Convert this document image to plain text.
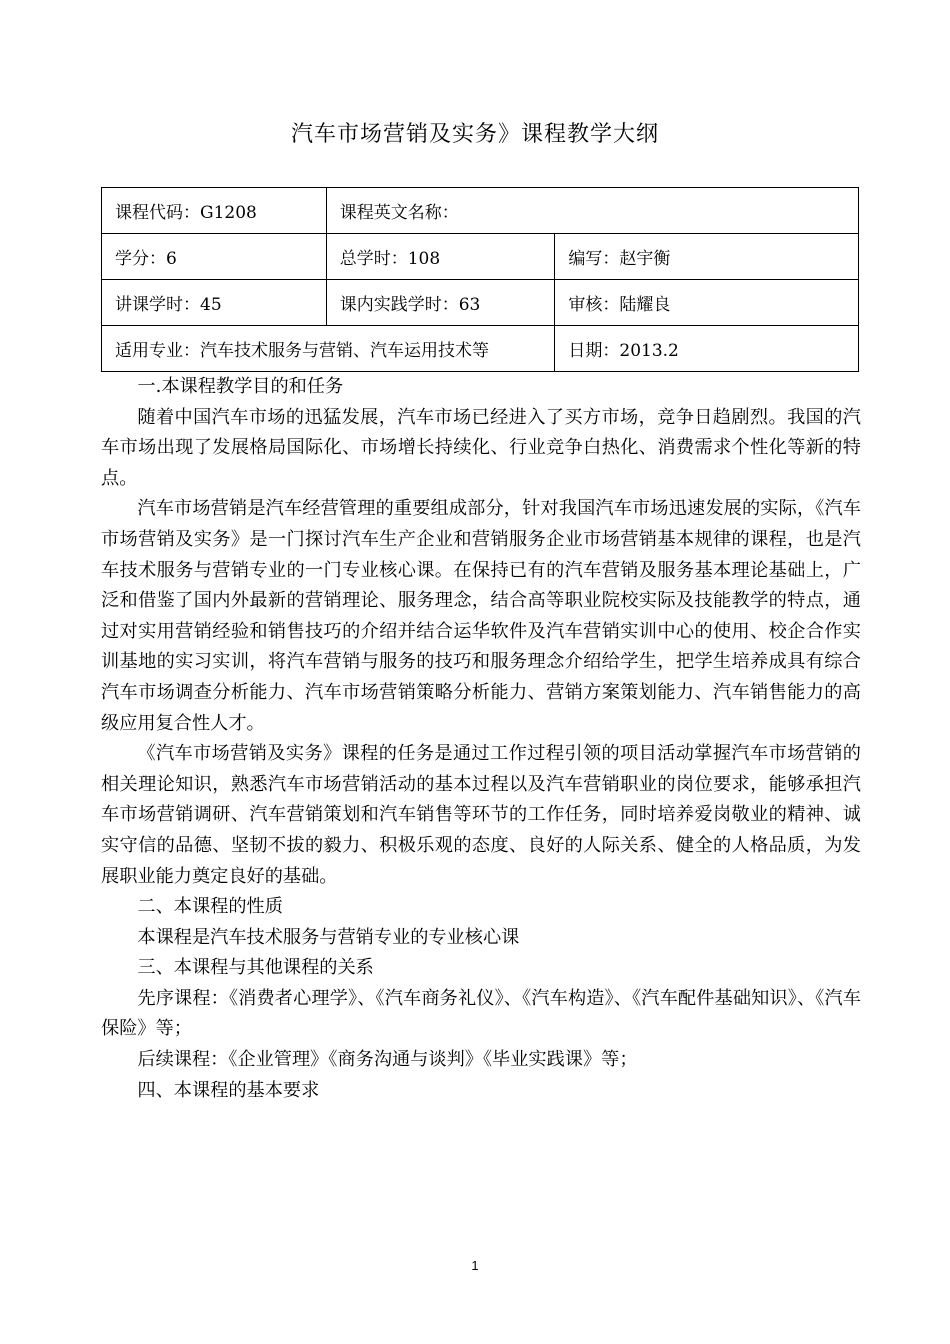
汽车市场营销及实务》课程教学大纲
课程代码：G1208	课程英文名称：	
学分：6	总学时：108	编写：赵宇衡
讲课学时：45	课内实践学时：63	审核：陆耀良
适用专业：汽车技术服务与营销、汽车运用技术等		日期：2013.2

一.本课程教学目的和任务

随着中国汽车市场的迅猛发展，汽车市场已经进入了买方市场，竞争日趋剧烈。我国的汽车市场出现了发展格局国际化、市场增长持续化、行业竞争白热化、消费需求个性化等新的特点。

汽车市场营销是汽车经营管理的重要组成部分，针对我国汽车市场迅速发展的实际，《汽车市场营销及实务》是一门探讨汽车生产企业和营销服务企业市场营销基本规律的课程，也是汽车技术服务与营销专业的一门专业核心课。在保持已有的汽车营销及服务基本理论基础上，广泛和借鉴了国内外最新的营销理论、服务理念，结合高等职业院校实际及技能教学的特点，通过对实用营销经验和销售技巧的介绍并结合运华软件及汽车营销实训中心的使用、校企合作实训基地的实习实训，将汽车营销与服务的技巧和服务理念介绍给学生，把学生培养成具有综合汽车市场调查分析能力、汽车市场营销策略分析能力、营销方案策划能力、汽车销售能力的高级应用复合性人才。

《汽车市场营销及实务》课程的任务是通过工作过程引领的项目活动掌握汽车市场营销的相关理论知识，熟悉汽车市场营销活动的基本过程以及汽车营销职业的岗位要求，能够承担汽车市场营销调研、汽车营销策划和汽车销售等环节的工作任务，同时培养爱岗敬业的精神、诚实守信的品德、坚韧不拔的毅力、积极乐观的态度、良好的人际关系、健全的人格品质，为发展职业能力奠定良好的基础。

二、本课程的性质

本课程是汽车技术服务与营销专业的专业核心课

三、本课程与其他课程的关系

先序课程：《消费者心理学》、《汽车商务礼仪》、《汽车构造》、《汽车配件基础知识》、《汽车保险》等；

后续课程：《企业管理》《商务沟通与谈判》《毕业实践课》等；

四、本课程的基本要求

1
